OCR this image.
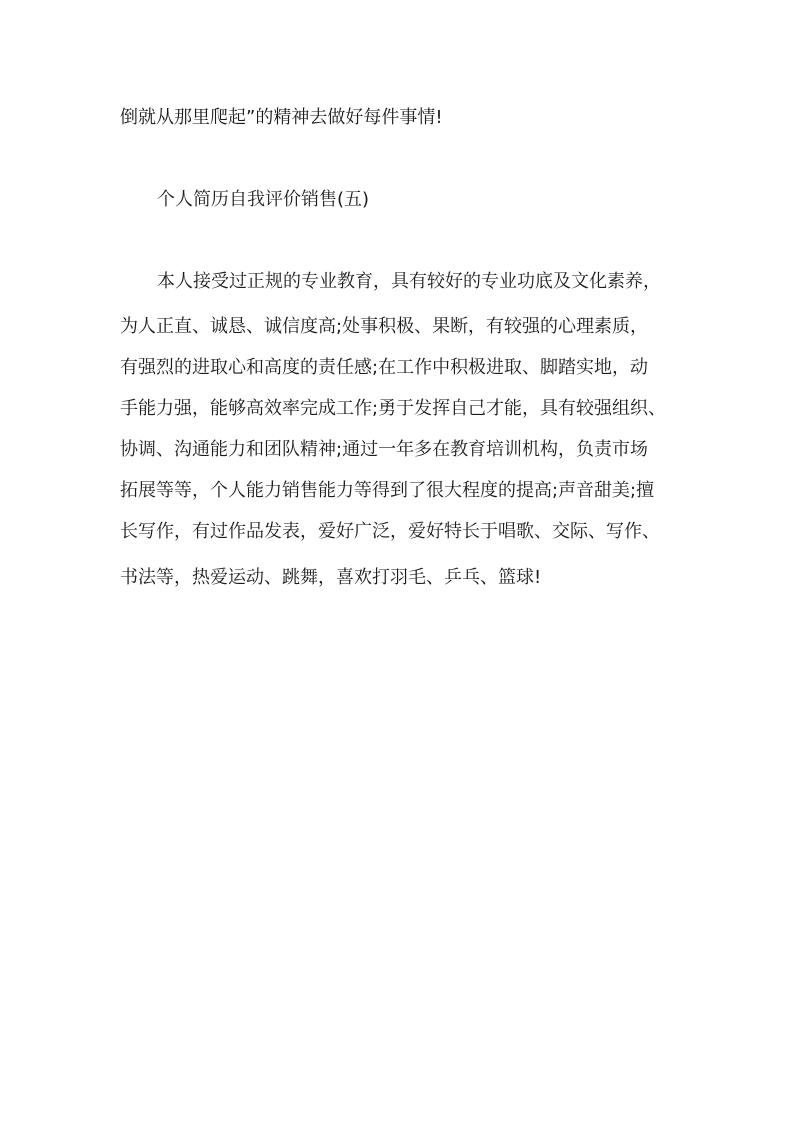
倒就从那里爬起”的精神去做好每件事情!

个人简历自我评价销售(五)

本人接受过正规的专业教育，具有较好的专业功底及文化素养，

为人正直、诚恳、诚信度高;处事积极、果断，有较强的心理素质，

有强烈的进取心和高度的责任感;在工作中积极进取、脚踏实地，动

手能力强，能够高效率完成工作;勇于发挥自己才能，具有较强组织、

协调、沟通能力和团队精神;通过一年多在教育培训机构，负责市场

拓展等等，个人能力销售能力等得到了很大程度的提高;声音甜美;擅

长写作，有过作品发表，爱好广泛，爱好特长于唱歌、交际、写作、

书法等，热爱运动、跳舞，喜欢打羽毛、乒乓、篮球!
